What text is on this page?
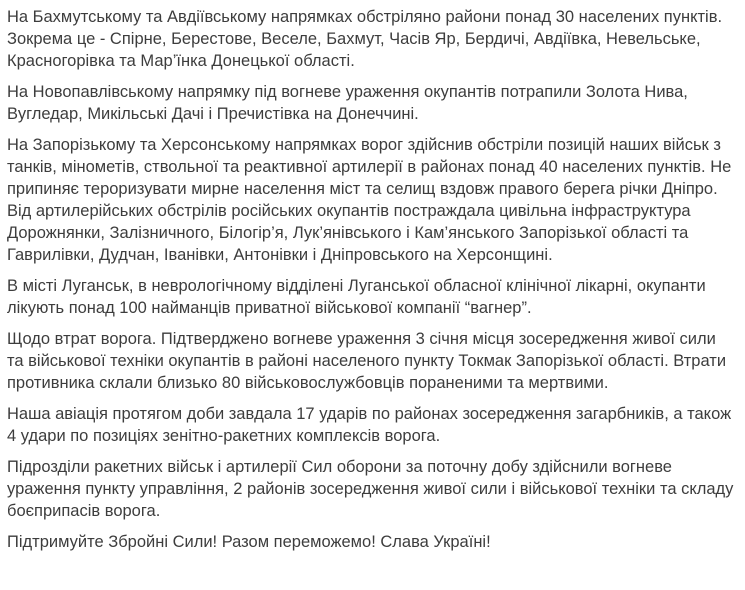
На Бахмутському та Авдіївському напрямках обстріляно райони понад 30 населених пунктів. Зокрема це - Спірне, Берестове, Веселе, Бахмут, Часів Яр, Бердичі, Авдіївка, Невельське, Красногорівка та Мар’їнка Донецької області.

На Новопавлівському напрямку під вогневе ураження окупантів потрапили Золота Нива, Вугледар, Микільські Дачі і Пречистівка на Донеччині.

На Запорізькому та Херсонському напрямках ворог здійснив обстріли позицій наших військ з танків, мінометів, ствольної та реактивної артилерії в районах понад 40 населених пунктів. Не припиняє тероризувати мирне населення міст та селищ вздовж правого берега річки Дніпро. Від артилерійських обстрілів російських окупантів постраждала цивільна інфраструктура Дорожнянки, Залізничного, Білогір’я, Лук’янівського і Кам’янського Запорізької області та Гаврилівки, Дудчан, Іванівки, Антонівки і Дніпровського на Херсонщині.

В місті Луганськ, в неврологічному відділені Луганської обласної клінічної лікарні, окупанти лікують понад 100 найманців приватної військової компанії “вагнер”.

Щодо втрат ворога. Підтверджено вогневе ураження 3 січня місця зосередження живої сили та військової техніки окупантів в районі населеного пункту Токмак Запорізької області. Втрати противника склали близько 80 військовослужбовців пораненими та мертвими.

Наша авіація протягом доби завдала 17 ударів по районах зосередження загарбників, а також 4 удари по позиціях зенітно-ракетних комплексів ворога.

Підрозділи ракетних військ і артилерії Сил оборони за поточну добу здійснили вогневе ураження пункту управління, 2 районів зосередження живої сили і військової техніки та складу боєприпасів ворога.

Підтримуйте Збройні Сили! Разом переможемо! Слава Україні!
